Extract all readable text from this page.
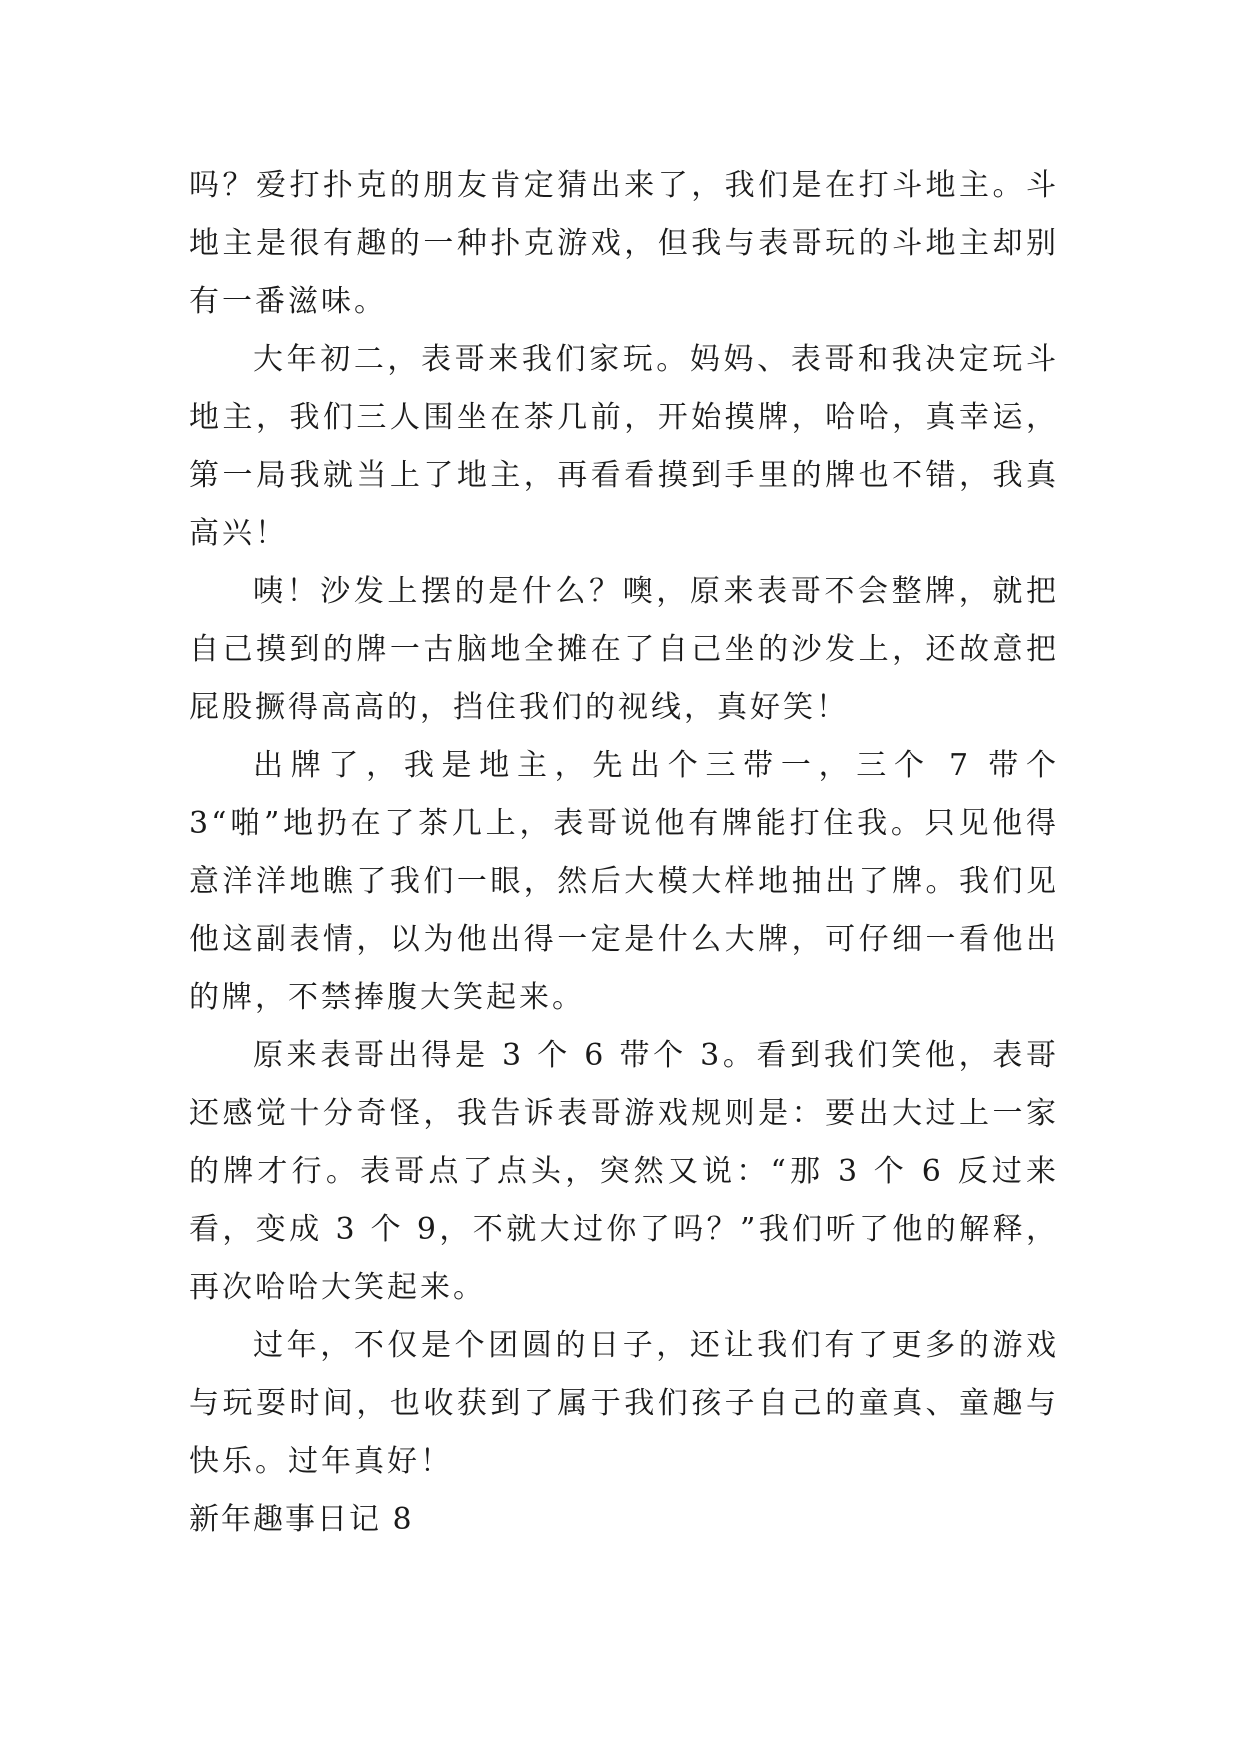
吗？爱打扑克的朋友肯定猜出来了，我们是在打斗地主。斗地主是很有趣的一种扑克游戏，但我与表哥玩的斗地主却别有一番滋味。

大年初二，表哥来我们家玩。妈妈、表哥和我决定玩斗地主，我们三人围坐在茶几前，开始摸牌，哈哈，真幸运，第一局我就当上了地主，再看看摸到手里的牌也不错，我真高兴！

咦！沙发上摆的是什么？噢，原来表哥不会整牌，就把自己摸到的牌一古脑地全摊在了自己坐的沙发上，还故意把屁股撅得高高的，挡住我们的视线，真好笑！

出牌了，我是地主，先出个三带一，三个 7 带个 3“啪”地扔在了茶几上，表哥说他有牌能打住我。只见他得意洋洋地瞧了我们一眼，然后大模大样地抽出了牌。我们见他这副表情，以为他出得一定是什么大牌，可仔细一看他出的牌，不禁捧腹大笑起来。

原来表哥出得是 3 个 6 带个 3。看到我们笑他，表哥还感觉十分奇怪，我告诉表哥游戏规则是：要出大过上一家的牌才行。表哥点了点头，突然又说：“那 3 个 6 反过来看，变成 3 个 9，不就大过你了吗？”我们听了他的解释，再次哈哈大笑起来。

过年，不仅是个团圆的日子，还让我们有了更多的游戏与玩耍时间，也收获到了属于我们孩子自己的童真、童趣与快乐。过年真好！

新年趣事日记 8
